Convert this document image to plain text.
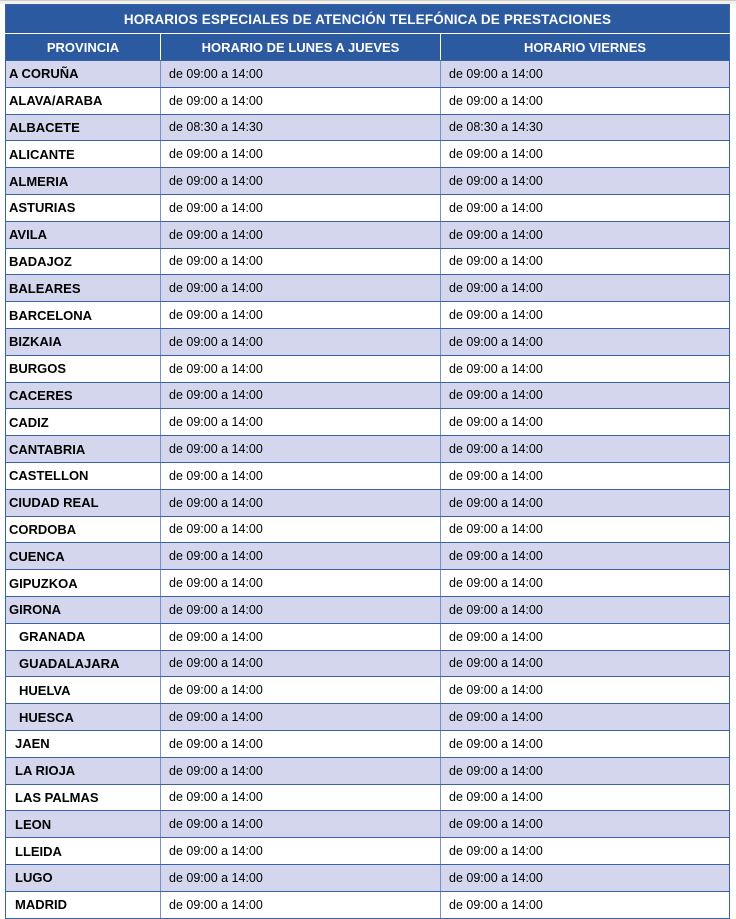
HORARIOS ESPECIALES DE ATENCIÓN TELEFÓNICA DE PRESTACIONES		
PROVINCIA	HORARIO DE LUNES A JUEVES	HORARIO VIERNES
A CORUÑA	de 09:00 a 14:00	de 09:00 a 14:00
ALAVA/ARABA	de 09:00 a 14:00	de 09:00 a 14:00
ALBACETE	de 08:30 a 14:30	de 08:30 a 14:30
ALICANTE	de 09:00 a 14:00	de 09:00 a 14:00
ALMERIA	de 09:00 a 14:00	de 09:00 a 14:00
ASTURIAS	de 09:00 a 14:00	de 09:00 a 14:00
AVILA	de 09:00 a 14:00	de 09:00 a 14:00
BADAJOZ	de 09:00 a 14:00	de 09:00 a 14:00
BALEARES	de 09:00 a 14:00	de 09:00 a 14:00
BARCELONA	de 09:00 a 14:00	de 09:00 a 14:00
BIZKAIA	de 09:00 a 14:00	de 09:00 a 14:00
BURGOS	de 09:00 a 14:00	de 09:00 a 14:00
CACERES	de 09:00 a 14:00	de 09:00 a 14:00
CADIZ	de 09:00 a 14:00	de 09:00 a 14:00
CANTABRIA	de 09:00 a 14:00	de 09:00 a 14:00
CASTELLON	de 09:00 a 14:00	de 09:00 a 14:00
CIUDAD REAL	de 09:00 a 14:00	de 09:00 a 14:00
CORDOBA	de 09:00 a 14:00	de 09:00 a 14:00
CUENCA	de 09:00 a 14:00	de 09:00 a 14:00
GIPUZKOA	de 09:00 a 14:00	de 09:00 a 14:00
GIRONA	de 09:00 a 14:00	de 09:00 a 14:00
GRANADA	de 09:00 a 14:00	de 09:00 a 14:00
GUADALAJARA	de 09:00 a 14:00	de 09:00 a 14:00
HUELVA	de 09:00 a 14:00	de 09:00 a 14:00
HUESCA	de 09:00 a 14:00	de 09:00 a 14:00
JAEN	de 09:00 a 14:00	de 09:00 a 14:00
LA RIOJA	de 09:00 a 14:00	de 09:00 a 14:00
LAS PALMAS	de 09:00 a 14:00	de 09:00 a 14:00
LEON	de 09:00 a 14:00	de 09:00 a 14:00
LLEIDA	de 09:00 a 14:00	de 09:00 a 14:00
LUGO	de 09:00 a 14:00	de 09:00 a 14:00
MADRID	de 09:00 a 14:00	de 09:00 a 14:00
